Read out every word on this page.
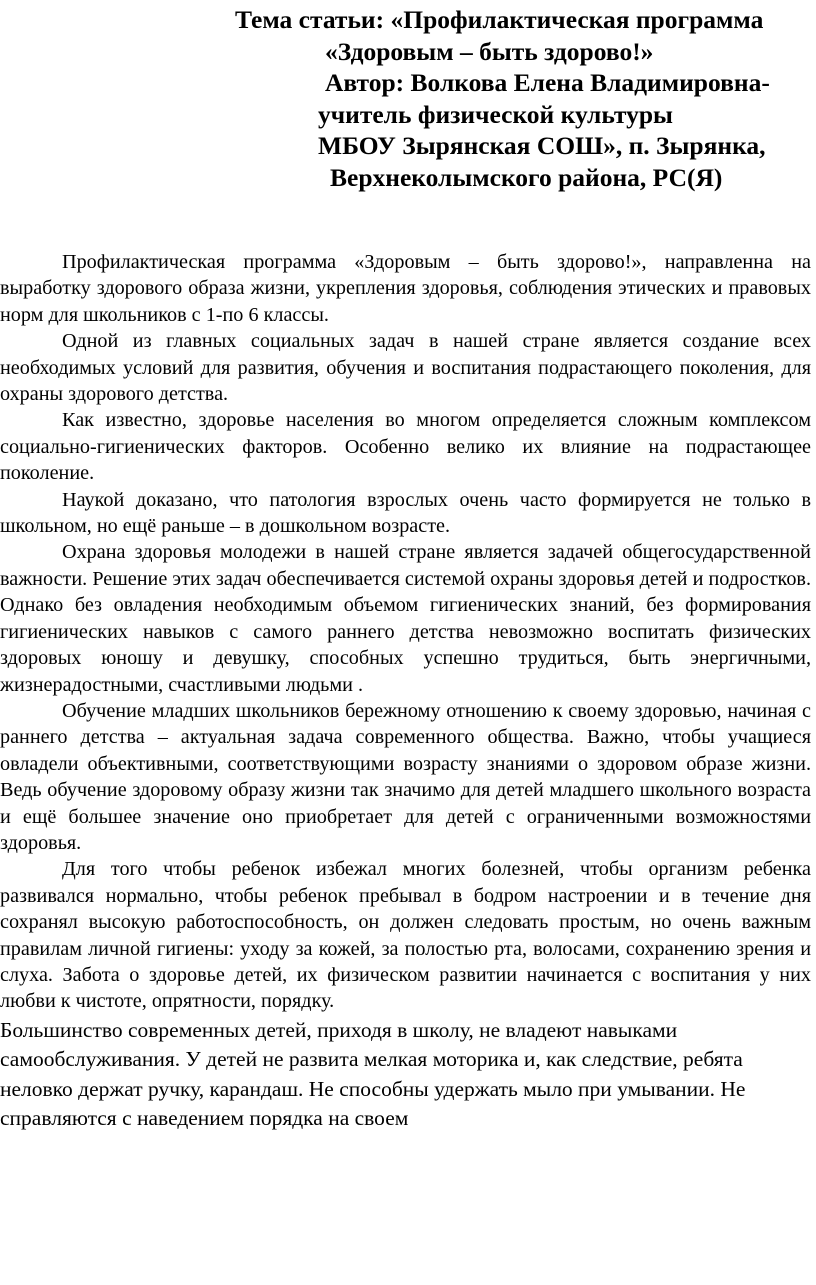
Тема статьи: «Профилактическая программа
«Здоровым – быть здорово!»
Автор: Волкова Елена Владимировна-
учитель физической культуры
МБОУ Зырянская СОШ», п. Зырянка,
Верхнеколымского района, РС(Я)

Профилактическая программа «Здоровым – быть здорово!», направленна на выработку здорового образа жизни, укрепления здоровья, соблюдения этических и правовых норм для школьников с 1-по 6 классы.

Одной из главных социальных задач в нашей стране является создание всех необходимых условий для развития, обучения и воспитания подрастающего поколения, для охраны здорового детства.

Как известно, здоровье населения во многом определяется сложным комплексом социально-гигиенических факторов. Особенно велико их влияние на подрастающее поколение.

Наукой доказано, что патология взрослых очень часто формируется не только в школьном, но ещё раньше – в дошкольном возрасте.

Охрана здоровья молодежи в нашей стране является задачей общегосударственной важности. Решение этих задач обеспечивается системой охраны здоровья детей и подростков. Однако без овладения необходимым объемом гигиенических знаний, без формирования гигиенических навыков с самого раннего детства невозможно воспитать физических здоровых юношу и девушку, способных успешно трудиться, быть энергичными, жизнерадостными, счастливыми людьми .

Обучение младших школьников бережному отношению к своему здоровью, начиная с раннего детства – актуальная задача современного общества. Важно, чтобы учащиеся овладели объективными, соответствующими возрасту знаниями о здоровом образе жизни. Ведь обучение здоровому образу жизни так значимо для детей младшего школьного возраста и ещё большее значение оно приобретает для детей с ограниченными возможностями здоровья.

Для того чтобы ребенок избежал многих болезней, чтобы организм ребенка развивался нормально, чтобы ребенок пребывал в бодром настроении и в течение дня сохранял высокую работоспособность, он должен следовать простым, но очень важным правилам личной гигиены: уходу за кожей, за полостью рта, волосами, сохранению зрения и слуха. Забота о здоровье детей, их физическом развитии начинается с воспитания у них любви к чистоте, опрятности, порядку.

Большинство современных детей, приходя в школу, не владеют навыками самообслуживания. У детей не развита мелкая моторика и, как следствие, ребята неловко держат ручку, карандаш. Не способны удержать мыло при умывании. Не справляются с наведением порядка на своем
